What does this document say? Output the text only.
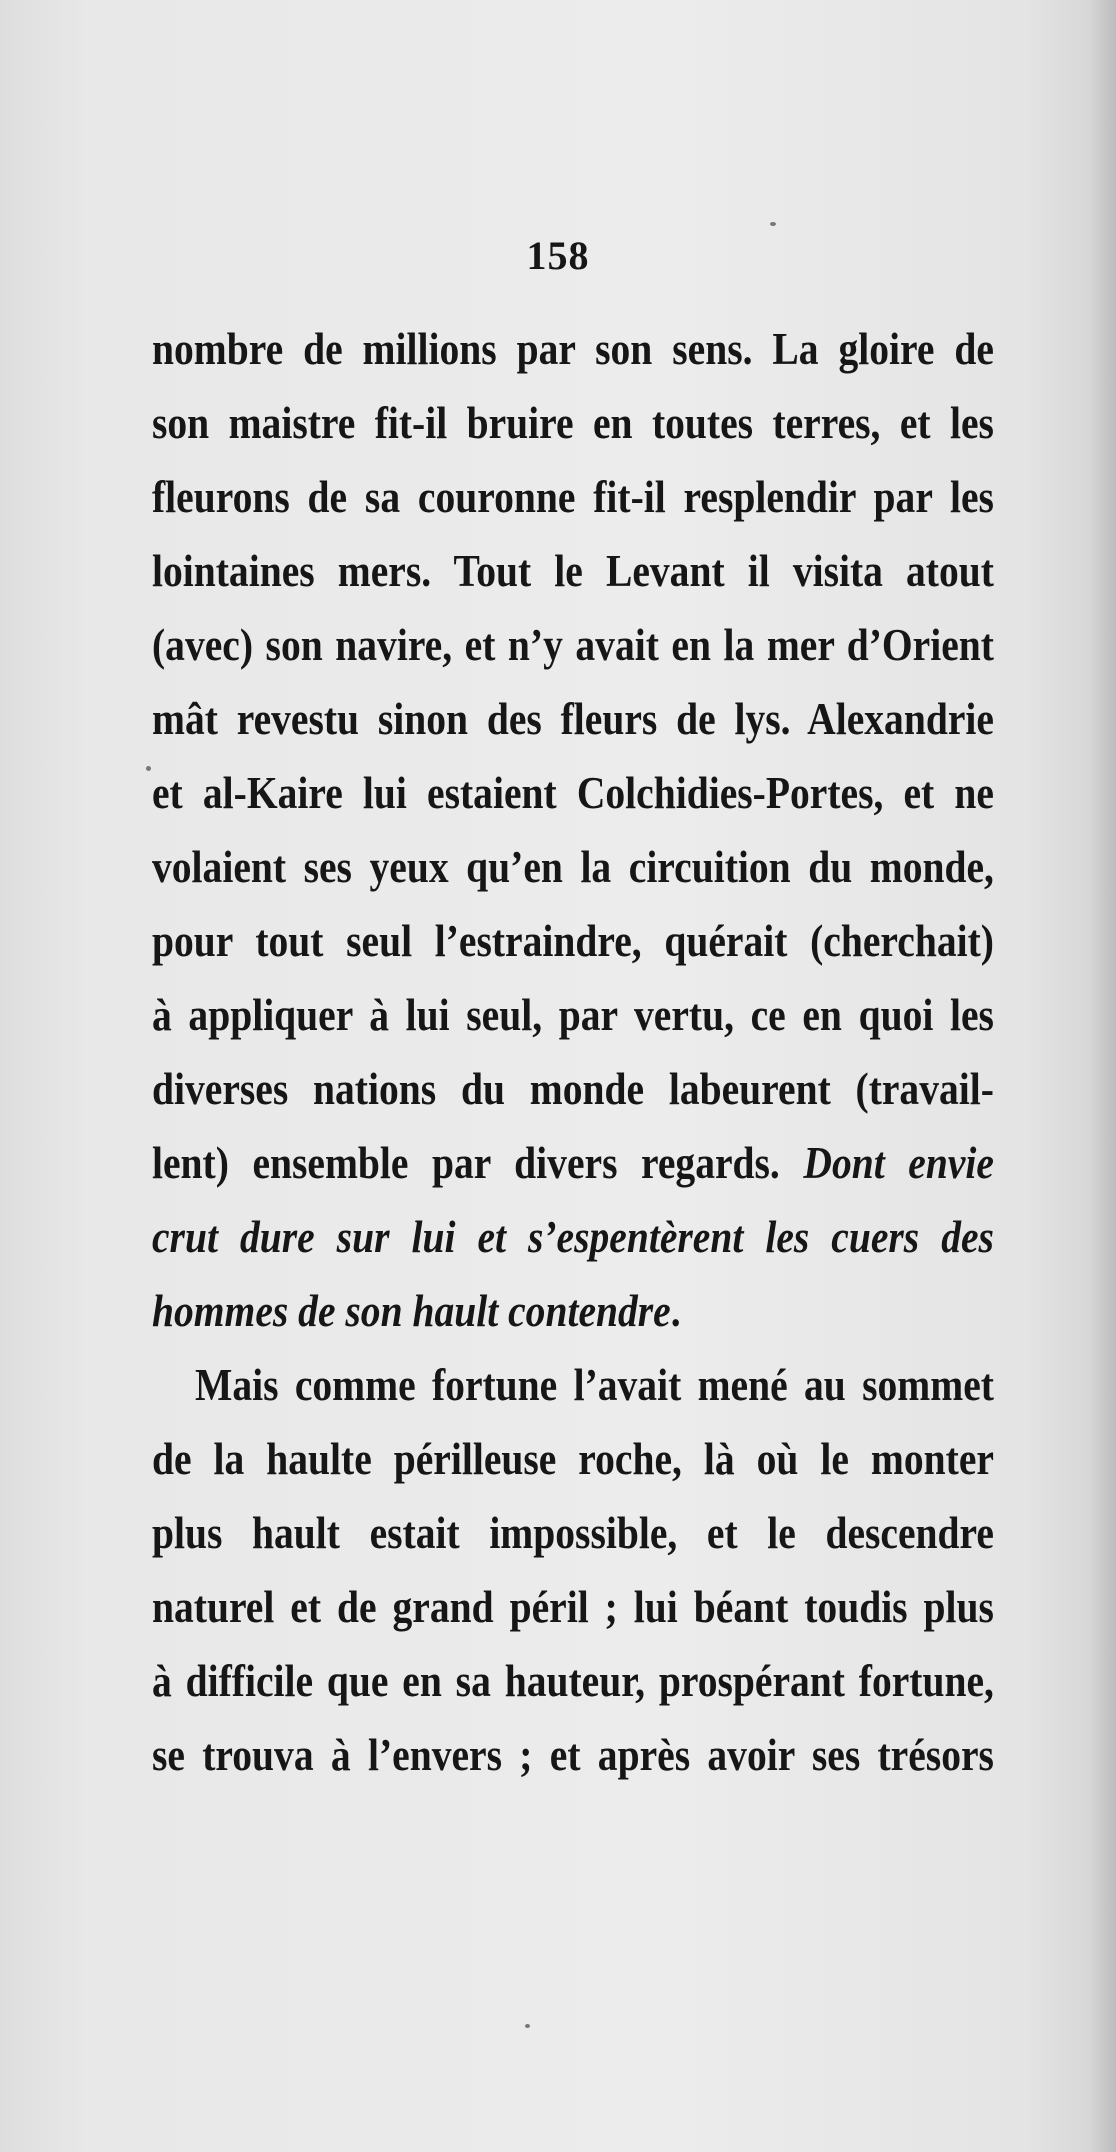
158
nombre de millions par son sens. La gloire de
son maistre fit-il bruire en toutes terres, et les
fleurons de sa couronne fit-il resplendir par les
lointaines mers. Tout le Levant il visita atout
(avec) son navire, et n’y avait en la mer d’Orient
mât revestu sinon des fleurs de lys. Alexandrie
et al-Kaire lui estaient Colchidies-Portes, et ne
volaient ses yeux qu’en la circuition du monde,
pour tout seul l’estraindre, quérait (cherchait)
à appliquer à lui seul, par vertu, ce en quoi les
diverses nations du monde labeurent (travail-
lent) ensemble par divers regards. Dont envie
crut dure sur lui et s’espentèrent les cuers des
hommes de son hault contendre.
Mais comme fortune l’avait mené au sommet
de la haulte périlleuse roche, là où le monter
plus hault estait impossible, et le descendre
naturel et de grand péril ; lui béant toudis plus
à difficile que en sa hauteur, prospérant fortune,
se trouva à l’envers ; et après avoir ses trésors
